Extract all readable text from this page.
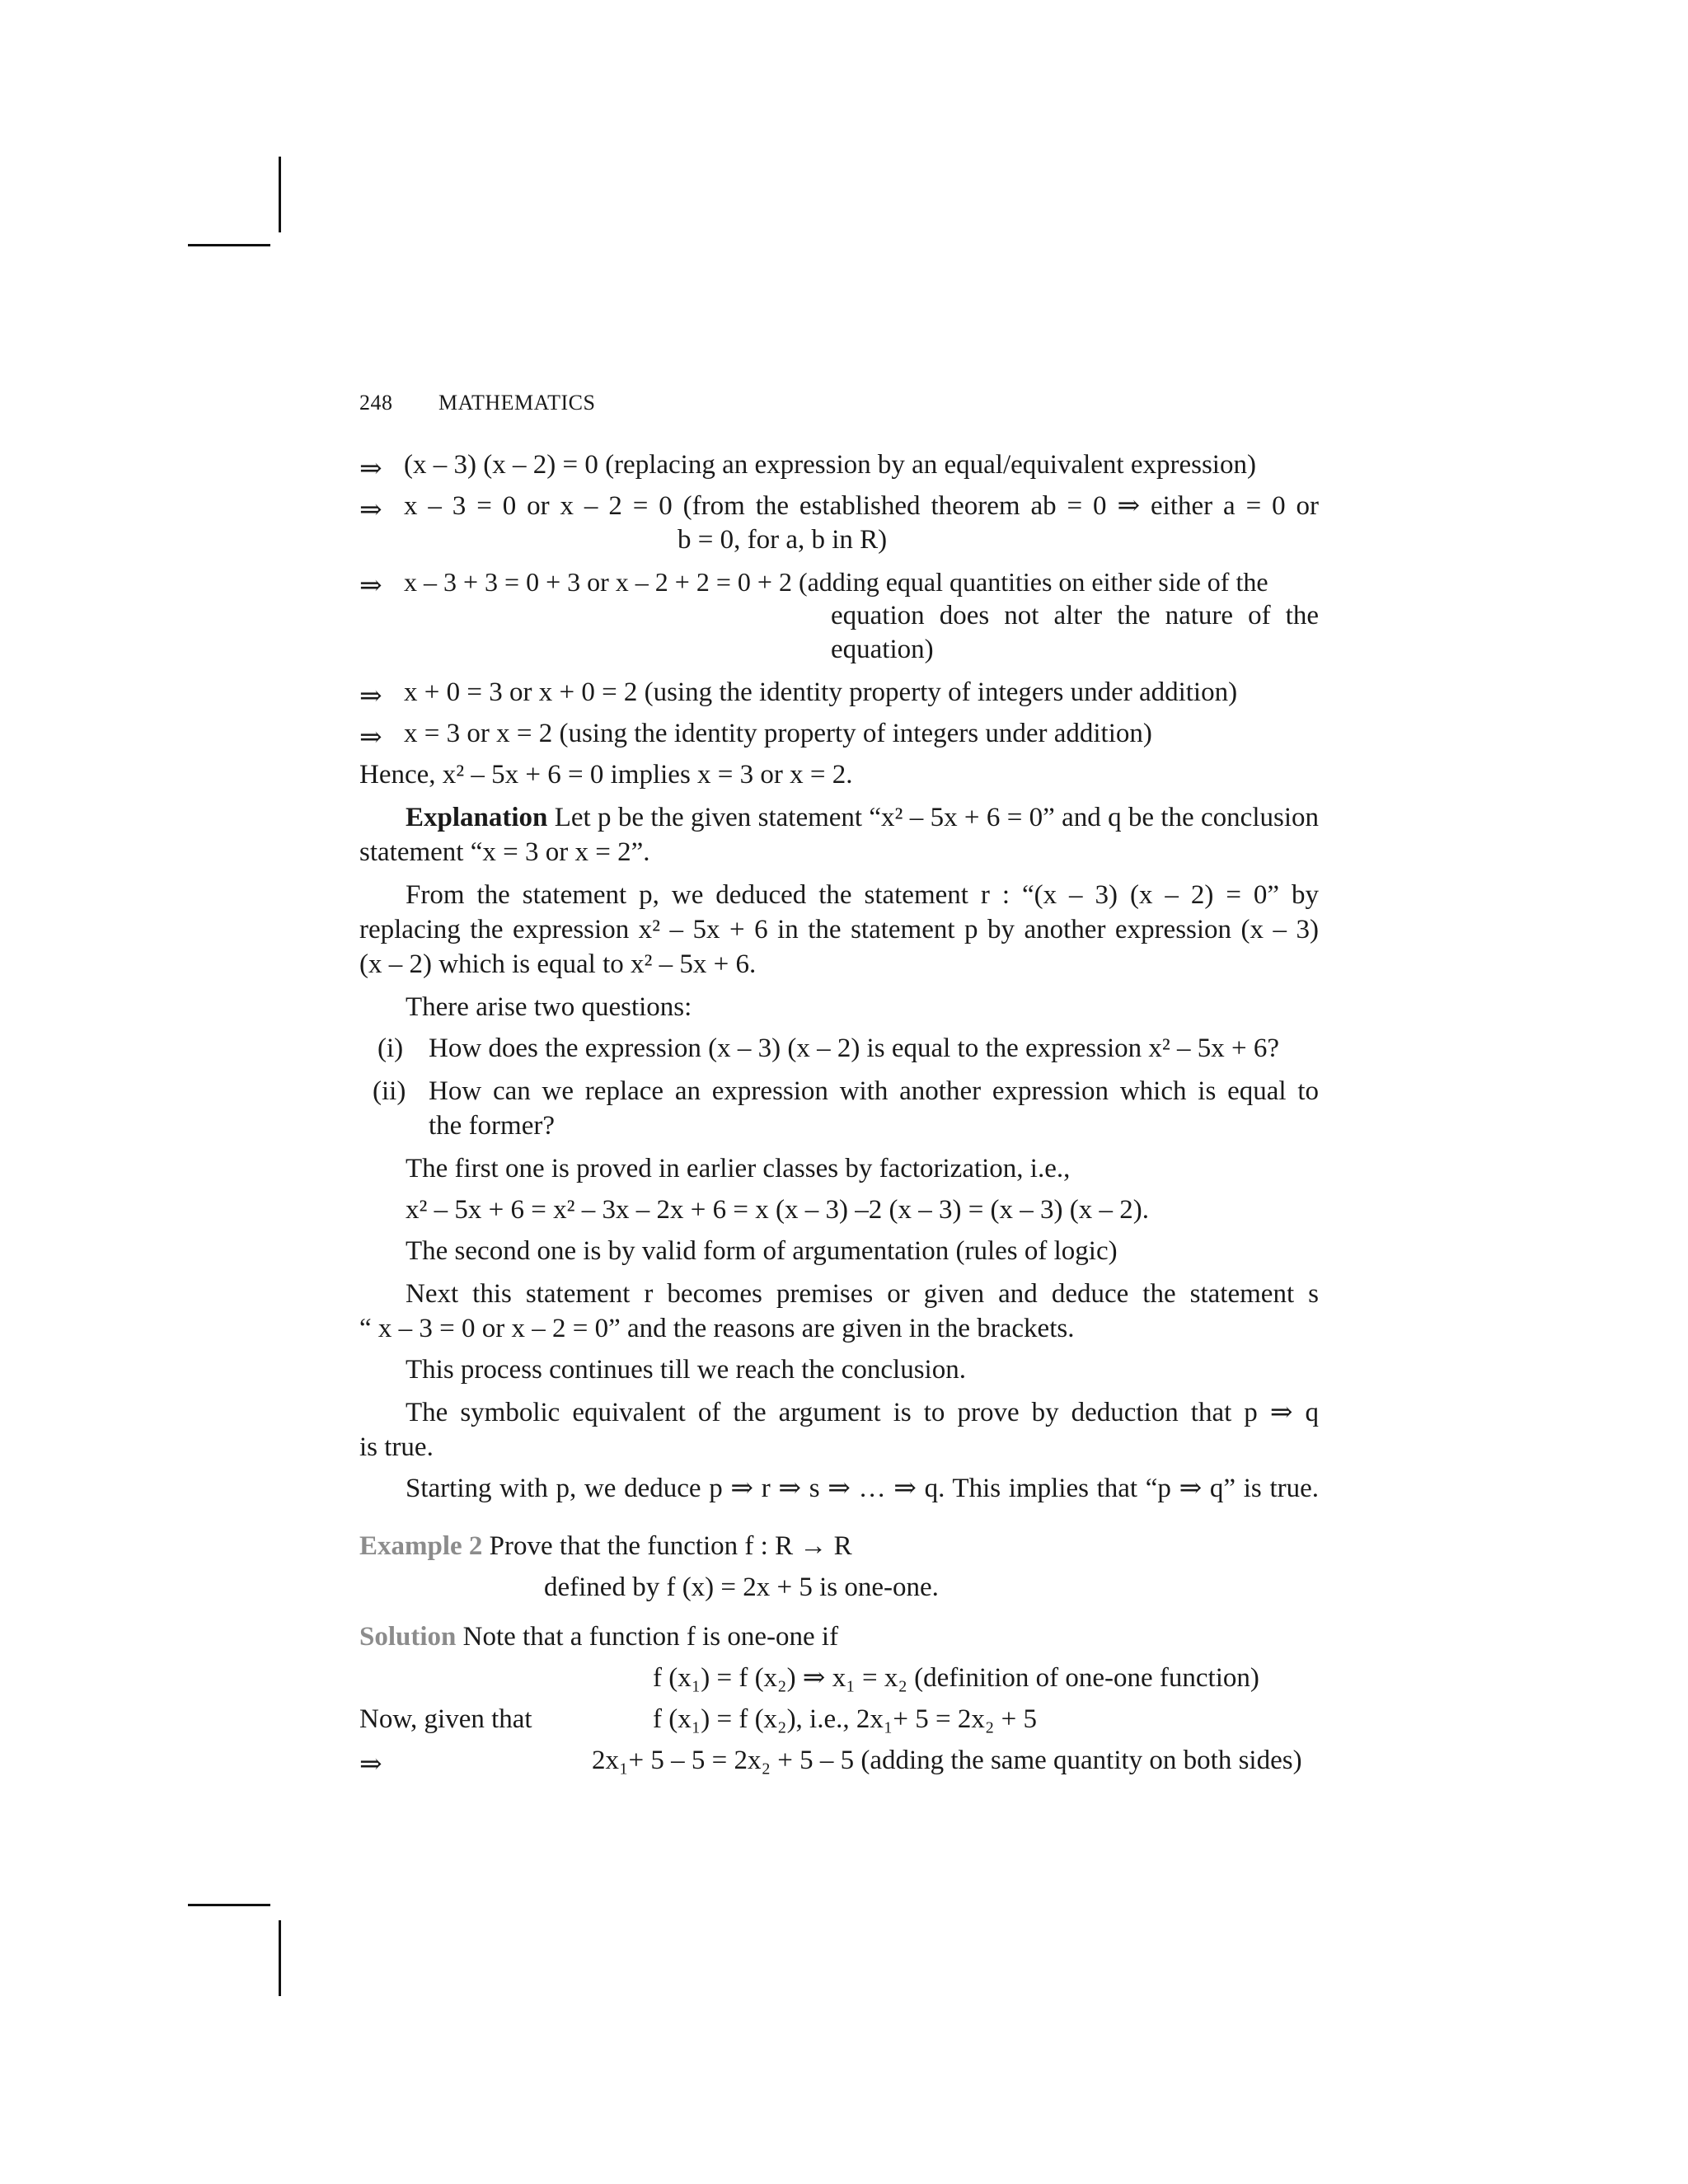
248 MATHEMATICS
⇒ (x – 3) (x – 2) = 0 (replacing an expression by an equal/equivalent expression)
⇒ x – 3 = 0 or x – 2 = 0 (from the established theorem ab = 0 ⇒ either a = 0 or
b = 0, for a, b in R)
⇒ x – 3 + 3 = 0 + 3 or x – 2 + 2 = 0 + 2 (adding equal quantities on either side of the
equation does not alter the nature of the
equation)
⇒ x + 0 = 3 or x + 0 = 2 (using the identity property of integers under addition)
⇒ x = 3 or x = 2 (using the identity property of integers under addition)
Hence, x² – 5x + 6 = 0 implies x = 3 or x = 2.
Explanation Let p be the given statement “x² – 5x + 6 = 0” and q be the conclusion
statement “x = 3 or x = 2”.
From the statement p, we deduced the statement r : “(x – 3) (x – 2) = 0” by
replacing the expression x² – 5x + 6 in the statement p by another expression (x – 3)
(x – 2) which is equal to x² – 5x + 6.
There arise two questions:
(i) How does the expression (x – 3) (x – 2) is equal to the expression x² – 5x + 6?
(ii) How can we replace an expression with another expression which is equal to
the former?
The first one is proved in earlier classes by factorization, i.e.,
x² – 5x + 6 = x² – 3x – 2x + 6 = x (x – 3) –2 (x – 3) = (x – 3) (x – 2).
The second one is by valid form of argumentation (rules of logic)
Next this statement r becomes premises or given and deduce the statement s
“ x – 3 = 0 or x – 2 = 0” and the reasons are given in the brackets.
This process continues till we reach the conclusion.
The symbolic equivalent of the argument is to prove by deduction that p ⇒ q
is true.
Starting with p, we deduce p ⇒ r ⇒ s ⇒ … ⇒ q. This implies that “p ⇒ q” is true.
Example 2 Prove that the function f : R → R
defined by f (x) = 2x + 5 is one-one.
Solution Note that a function f is one-one if
f (x₁) = f (x₂) ⇒ x₁ = x₂ (definition of one-one function)
Now, given that	f (x₁) = f (x₂), i.e., 2x₁+ 5 = 2x₂ + 5
⇒	2x₁+ 5 – 5 = 2x₂ + 5 – 5 (adding the same quantity on both sides)
